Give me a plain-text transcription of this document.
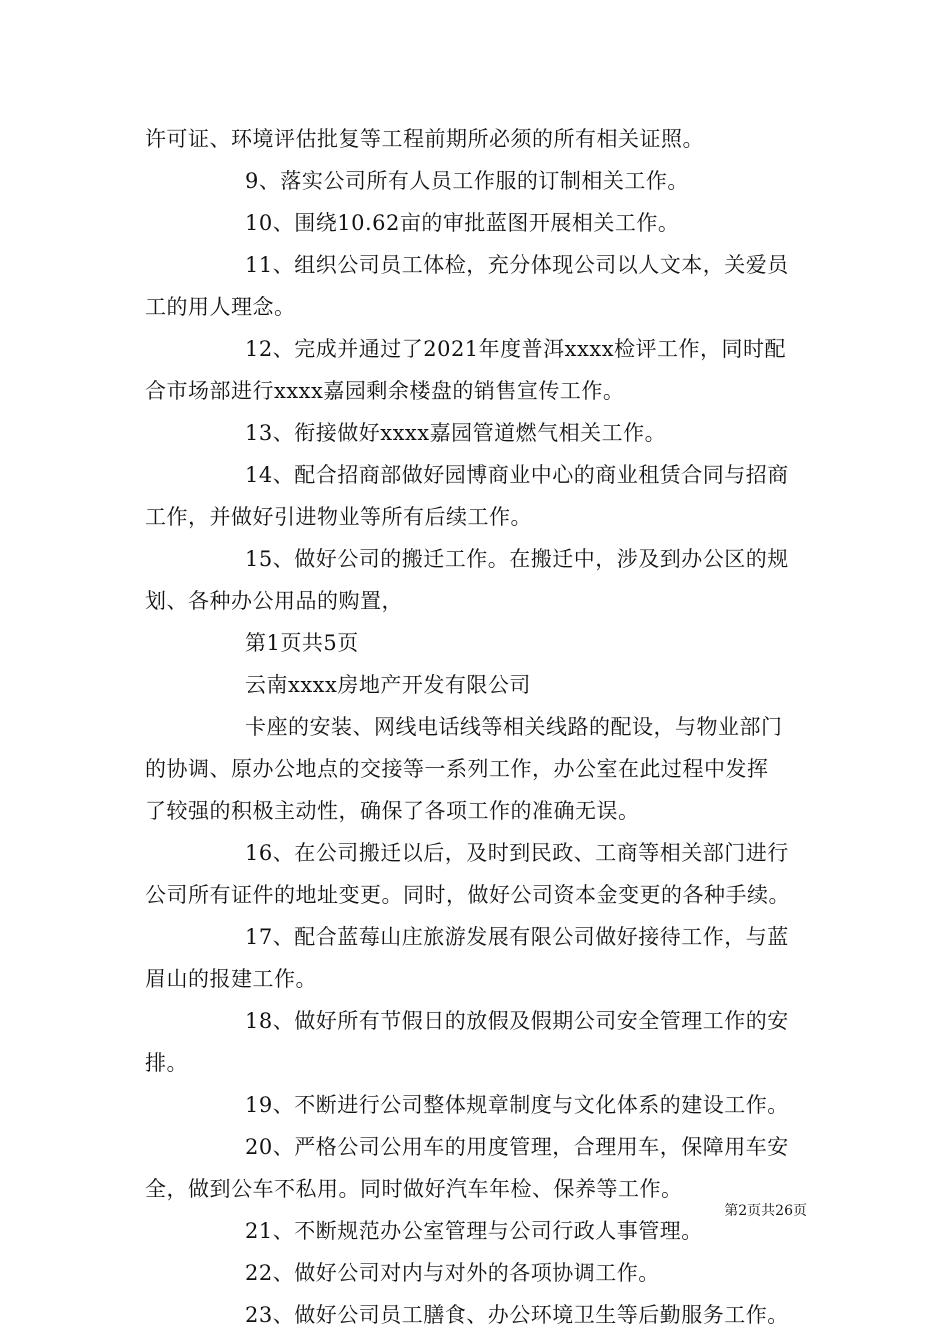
许可证、环境评估批复等工程前期所必须的所有相关证照。
9、落实公司所有人员工作服的订制相关工作。
10、围绕10.62亩的审批蓝图开展相关工作。
11、组织公司员工体检，充分体现公司以人文本，关爱员
工的用人理念。
12、完成并通过了2021年度普洱xxxx检评工作，同时配
合市场部进行xxxx嘉园剩余楼盘的销售宣传工作。
13、衔接做好xxxx嘉园管道燃气相关工作。
14、配合招商部做好园博商业中心的商业租赁合同与招商
工作，并做好引进物业等所有后续工作。
15、做好公司的搬迁工作。在搬迁中，涉及到办公区的规
划、各种办公用品的购置，
第1页共5页
云南xxxx房地产开发有限公司
卡座的安装、网线电话线等相关线路的配设，与物业部门
的协调、原办公地点的交接等一系列工作，办公室在此过程中发挥
了较强的积极主动性，确保了各项工作的准确无误。
16、在公司搬迁以后，及时到民政、工商等相关部门进行
公司所有证件的地址变更。同时，做好公司资本金变更的各种手续。
17、配合蓝莓山庄旅游发展有限公司做好接待工作，与蓝
眉山的报建工作。
18、做好所有节假日的放假及假期公司安全管理工作的安
排。
19、不断进行公司整体规章制度与文化体系的建设工作。
20、严格公司公用车的用度管理，合理用车，保障用车安
全，做到公车不私用。同时做好汽车年检、保养等工作。
21、不断规范办公室管理与公司行政人事管理。
22、做好公司对内与对外的各项协调工作。
23、做好公司员工膳食、办公环境卫生等后勤服务工作。
第2页共26页
